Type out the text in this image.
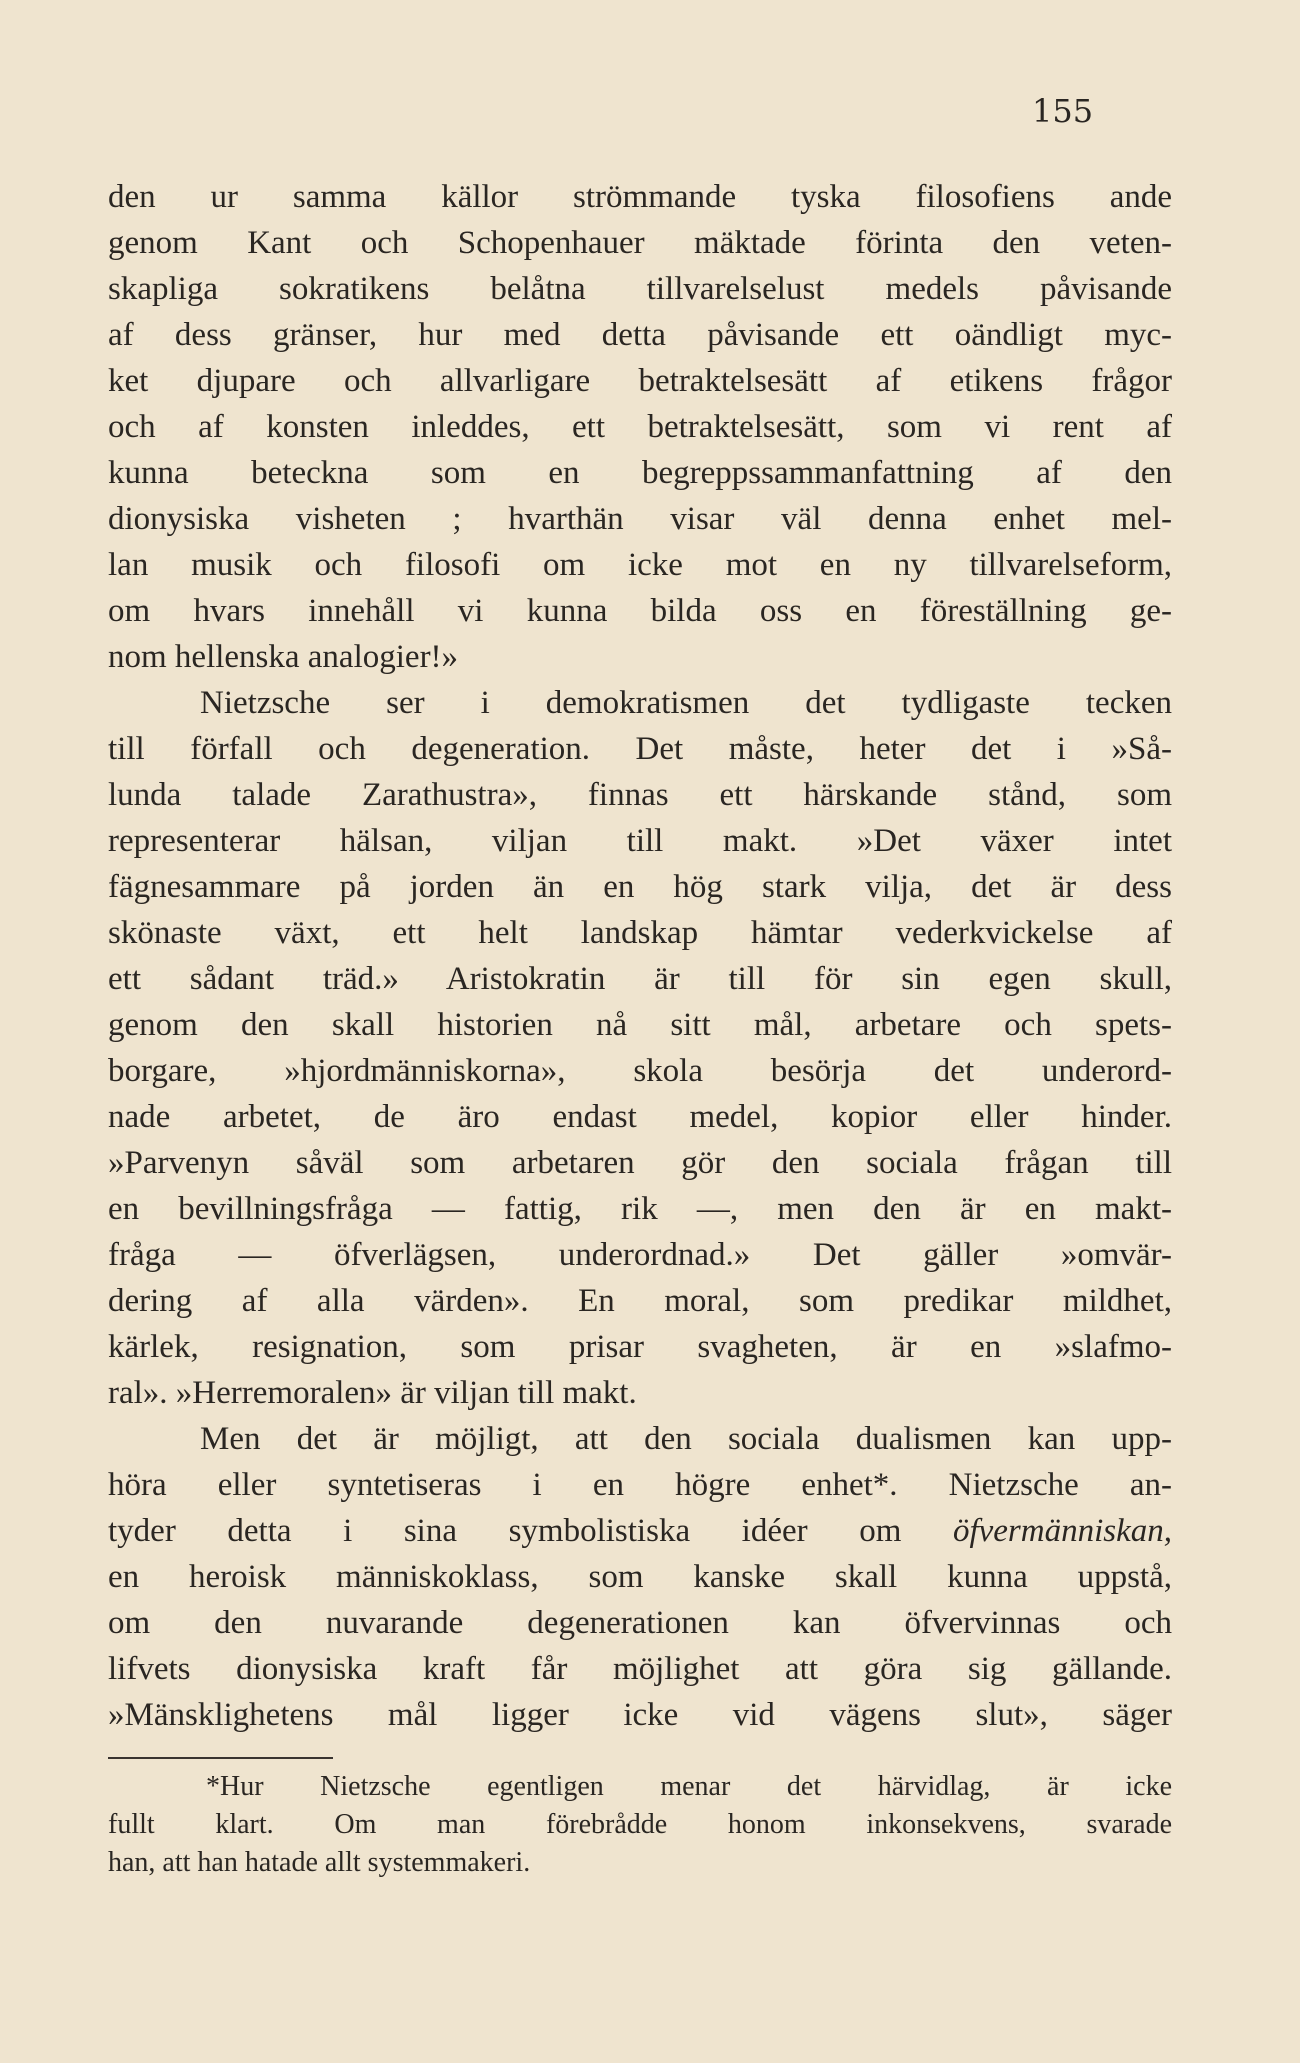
155
den ur samma källor strömmande tyska filosofiens ande
genom Kant och Schopenhauer mäktade förinta den veten-
skapliga sokratikens belåtna tillvarelselust medels påvisande
af dess gränser, hur med detta påvisande ett oändligt myc-
ket djupare och allvarligare betraktelsesätt af etikens frågor
och af konsten inleddes, ett betraktelsesätt, som vi rent af
kunna beteckna som en begreppssammanfattning af den
dionysiska visheten ; hvarthän visar väl denna enhet mel-
lan musik och filosofi om icke mot en ny tillvarelseform,
om hvars innehåll vi kunna bilda oss en föreställning ge-
nom hellenska analogier!»
Nietzsche ser i demokratismen det tydligaste tecken
till förfall och degeneration. Det måste, heter det i »Så-
lunda talade Zarathustra», finnas ett härskande stånd, som
representerar hälsan, viljan till makt. »Det växer intet
fägnesammare på jorden än en hög stark vilja, det är dess
skönaste växt, ett helt landskap hämtar vederkvickelse af
ett sådant träd.» Aristokratin är till för sin egen skull,
genom den skall historien nå sitt mål, arbetare och spets-
borgare, »hjordmänniskorna», skola besörja det underord-
nade arbetet, de äro endast medel, kopior eller hinder.
»Parvenyn såväl som arbetaren gör den sociala frågan till
en bevillningsfråga — fattig, rik —, men den är en makt-
fråga — öfverlägsen, underordnad.» Det gäller »omvär-
dering af alla värden». En moral, som predikar mildhet,
kärlek, resignation, som prisar svagheten, är en »slafmo-
ral». »Herremoralen» är viljan till makt.
Men det är möjligt, att den sociala dualismen kan upp-
höra eller syntetiseras i en högre enhet*. Nietzsche an-
tyder detta i sina symbolistiska idéer om öfvermänniskan,
en heroisk människoklass, som kanske skall kunna uppstå,
om den nuvarande degenerationen kan öfvervinnas och
lifvets dionysiska kraft får möjlighet att göra sig gällande.
»Mänsklighetens mål ligger icke vid vägens slut», säger
*Hur Nietzsche egentligen menar det härvidlag, är icke
fullt klart. Om man förebrådde honom inkonsekvens, svarade
han, att han hatade allt systemmakeri.
